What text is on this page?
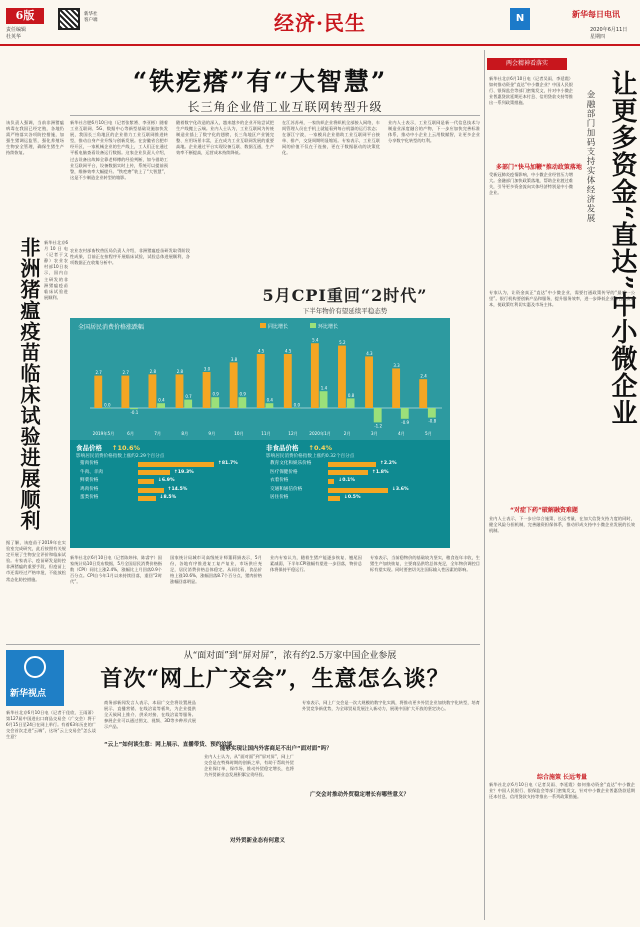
6版
责任编辑
杜英华
新华社
客户端	经济·民生	N	新华每日电讯
2020年6月11日
星期四
“铁疙瘩”有“大智慧”
长三角企业借工业互联网转型升级
新华社合肥6月10日电（记者张紫赟、李亚彬）随着工业互联网、5G、数据中心等新型基础设施加快发展，我国长三角地区的企业借力工业互联网推进转型，推动自身产业升级与创新发展。在安徽省合肥市经开区，一家机械企业的生产线上，工人们正在通过平板电脑查看设备运行数据。这家企业负责人介绍，过去设备出故障全靠老师傅的经验判断，如今借助工业互联网平台，设备数据实时上传，系统可以提前预警，维修效率大幅提升。“铁疙瘩”装上了“大智慧”，这是不少制造企业转型的缩影。
随着数字化改造的深入，越来越多的企业开始尝试把生产线搬上云端。业内人士认为，工业互联网为传统制造业插上了数字化的翅膀，长三角地区产业链完整、应用场景丰富，正在成为工业互联网发展的重要高地。企业通过平台实现设备互联、数据互通，生产效率不断提高，运营成本持续降低。
在江苏苏州，一家纺织企业将织机全部接入网络，车间管理人员在手机上就能看到每台机器的运行状态；在浙江宁波，一家模具企业借助工业互联网平台接单、排产，交货周期明显缩短。专家表示，工业互联网的价值不仅在于连接，更在于数据驱动的决策优化。
业内人士表示，工业互联网是新一代信息技术与制造业深度融合的产物，下一步应加快完善标准体系，推动中小企业上云用数赋智，让更多企业分享数字化转型的红利。
非洲猪瘟疫苗临床试验进展顺利
该负责人强调，当前非洲猪瘟病毒在我国已经定殖，各地仍需严格落实各项防控措施，加强生猪调运监管，强化养殖场生物安全管理，确保生猪生产持续恢复。
新华社北京6月10日电（记者于文静）农业农村部10日表示，国内自主研发的非洲猪瘟疫苗临床试验进展顺利。
据了解，该疫苗于2019年在实验室完成研究，此后按照有关规定开展了生物安全评价和临床试验。专家表示，疫苗研发是防控非洲猪瘟的重要手段，但疫苗上市还需经过严格审批，不能放松常态化防控措施。
农业农村部畜牧兽医局负责人介绍，非洲猪瘟疫苗研发取得阶段性成果，目前正在按程序开展临床试验，试验总体进展顺利，各项数据正在收集分析中。
5月CPI重回“2时代”
下半年物价有望延续平稳态势
全国居民消费价格涨跌幅	同比增长	环比增长
2.7	2.7	2.8	2.8	3.0
3.8
4.5	4.5
5.4	5.2
4.3
3.3
2.4
0.0
-0.1
0.4
0.7	0.9	0.9
0.4
0.0
1.4
0.8
-1.2
-0.9	-0.8
2019年5月	6月	7月	8月	9月	10月	11月	12月	2020年1月	2月	3月	4月	5月
食品价格 ↑10.6%
影响居民消费价格指数上涨约2.29个百分点
猪肉价格	↑81.7%
牛肉、羊肉	↑19.3%
鲜菜价格	↓6.9%
鸡肉价格	↑14.5%
蛋类价格	↓8.5%
非食品价格 ↑0.4%
影响居民消费价格指数上涨约0.32个百分点
教育文化和娱乐价格	↑2.2%
医疗保健价格	↑1.8%
衣着价格	↓0.1%
交通和通信价格	↓3.6%
居住价格	↓0.5%
新华社北京6月10日电（记者陈炜伟、陈睿宇）国家统计局10日发布数据，5月全国居民消费价格指数（CPI）同比上涨2.4%，涨幅比上月回落0.9个百分点。CPI自今年1月以来持续回落，重回“2时代”。
国家统计局城市司高级统计师董莉娟表示，5月份，各地有序推进复工复产复业，市场供应充足，居民消费价格总体稳定。从同比看，食品价格上涨10.6%，涨幅回落8.7个百分点，猪肉价格涨幅回落明显。
业内专家认为，随着生猪产能逐步恢复、翘尾因素减弱，下半年CPI涨幅有望进一步回落，物价总体将保持平稳运行。
专家表示，当前稳物价的基础较为坚实，粮食连年丰收，生猪生产加快恢复，主要商品供给总体充足，全年物价调控目标有望实现。同时要密切关注国际输入性因素的影响。
两会精神看落实
让更多资金“直达”中小微企业
金融部门加码支持实体经济发展
新华社北京6月10日电（记者吴雨、李延霞）如何推动资金“直达”中小微企业？中国人民银行、银保监会等部门密集发文，针对中小微企业普惠贷款延期还本付息、信用贷款支持等推出一系列政策措施。
多部门“快马加鞭”推动政策落地
受新冠肺炎疫情影响，中小微企业经营压力增大。金融部门加快政策落地，帮助企业渡过难关，引导更多资金流向实体经济特别是中小微企业。
专家认为，让资金真正“直达”中小微企业，需要打通政策传导的“最后一公里”。银行机构要创新产品和服务，提升服务效率，进一步降低企业综合融资成本，使政策红利切实惠及市场主体。
“对症下药”破解融资难题
业内人士表示，下一步应综合施策、长远考量，在加大信贷支持力度的同时，健全风险分担机制，完善融资担保体系，推动形成支持中小微企业发展的长效机制。
综合施策 长远考量
新华社北京6月10日电（记者吴雨、李延霞）如何推动资金“直达”中小微企业？中国人民银行、银保监会等部门密集发文，针对中小微企业普惠贷款延期还本付息、信用贷款支持等推出一系列政策措施。
新华视点
从“面对面”到“屏对屏”，浓有约2.5万家中国企业参展
首次“网上广交会”，生意怎么谈？
新华社北京6月10日电（记者于佳欣、王雨萧）第127届中国进出口商品交易会（广交会）将于6月15日至24日在网上举行。有着63年历史的广交会首次走进“云端”，这场“云上交易会”怎么谈生意？
“云上”如何谈生意：网上展示、直播带货、预约洽谈
商务部新闻发言人表示，本届广交会将设置展品展示、直播营销、在线洽谈等板块，为企业提供全天候网上推介、供采对接、在线洽谈等服务。参展企业可以通过图文、视频、3D等多种形式展示产品。
能够实现让国内外客商足不出户“面对面”吗？
业内人士认为，从“面对面”到“屏对屏”，网上广交会是在特殊时期的创新之举，有助于帮助外贸企业保订单、保市场，推动外贸稳定增长，也将为外贸新业态发展积累宝贵经验。
对外贸新业态有何意义
广交会对推动外贸稳定增长有哪些意义？
专家表示，网上广交会是一次大规模的数字化实践，将推动更多外贸企业加快数字化转型，培育外贸竞争新优势，为全球贸易发展注入新动力，展现中国扩大开放的坚定决心。
